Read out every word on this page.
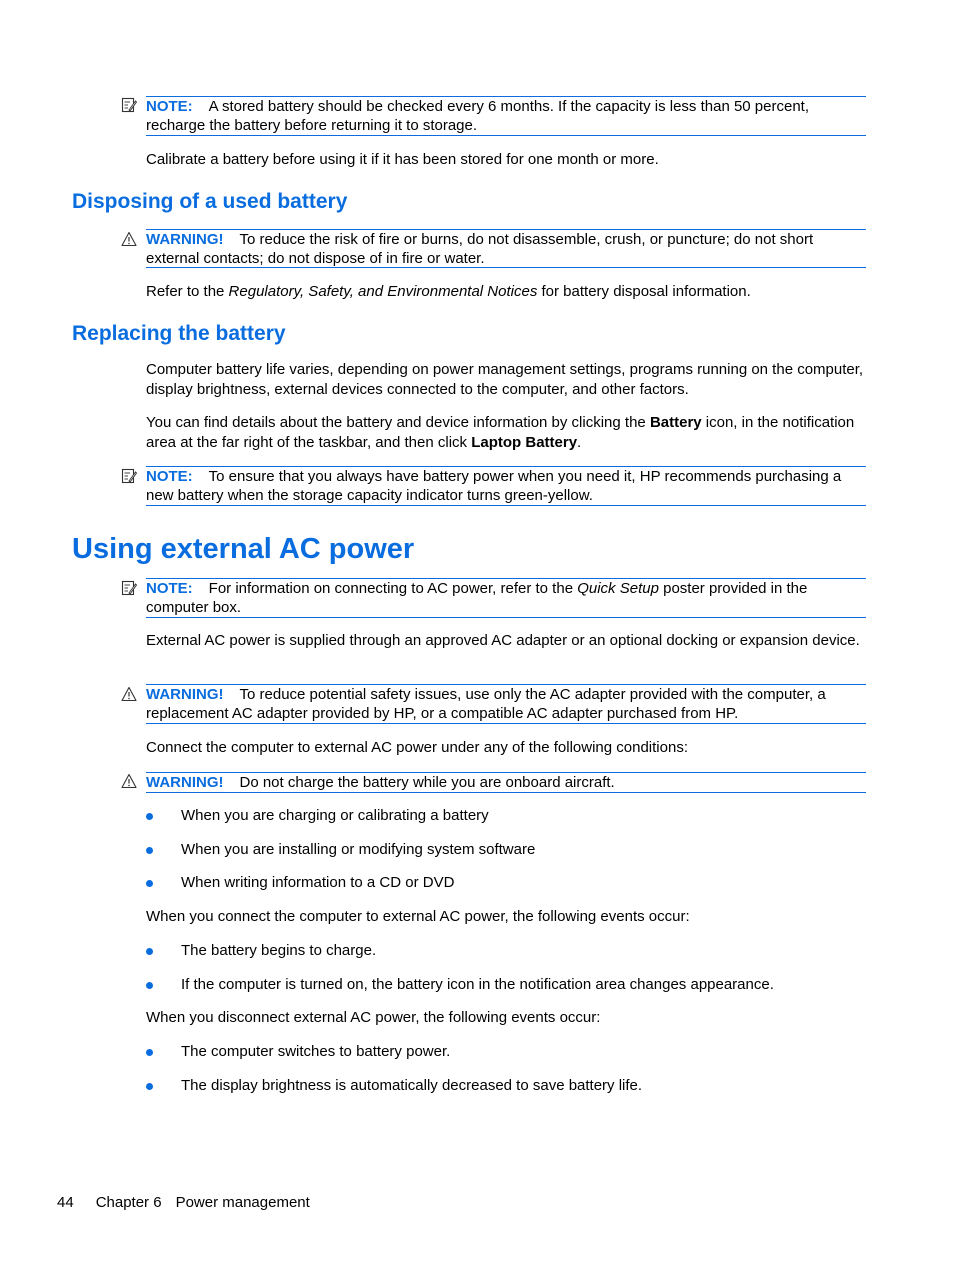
NOTE: A stored battery should be checked every 6 months. If the capacity is less than 50 percent, recharge the battery before returning it to storage.

Calibrate a battery before using it if it has been stored for one month or more.

Disposing of a used battery

WARNING! To reduce the risk of fire or burns, do not disassemble, crush, or puncture; do not short external contacts; do not dispose of in fire or water.

Refer to the Regulatory, Safety, and Environmental Notices for battery disposal information.

Replacing the battery

Computer battery life varies, depending on power management settings, programs running on the computer, display brightness, external devices connected to the computer, and other factors.

You can find details about the battery and device information by clicking the Battery icon, in the notification area at the far right of the taskbar, and then click Laptop Battery.

NOTE: To ensure that you always have battery power when you need it, HP recommends purchasing a new battery when the storage capacity indicator turns green-yellow.

Using external AC power

NOTE: For information on connecting to AC power, refer to the Quick Setup poster provided in the computer box.

External AC power is supplied through an approved AC adapter or an optional docking or expansion device.

WARNING! To reduce potential safety issues, use only the AC adapter provided with the computer, a replacement AC adapter provided by HP, or a compatible AC adapter purchased from HP.

Connect the computer to external AC power under any of the following conditions:

WARNING! Do not charge the battery while you are onboard aircraft.

When you are charging or calibrating a battery
When you are installing or modifying system software
When writing information to a CD or DVD

When you connect the computer to external AC power, the following events occur:

The battery begins to charge.
If the computer is turned on, the battery icon in the notification area changes appearance.

When you disconnect external AC power, the following events occur:

The computer switches to battery power.
The display brightness is automatically decreased to save battery life.
44 Chapter 6 Power management
